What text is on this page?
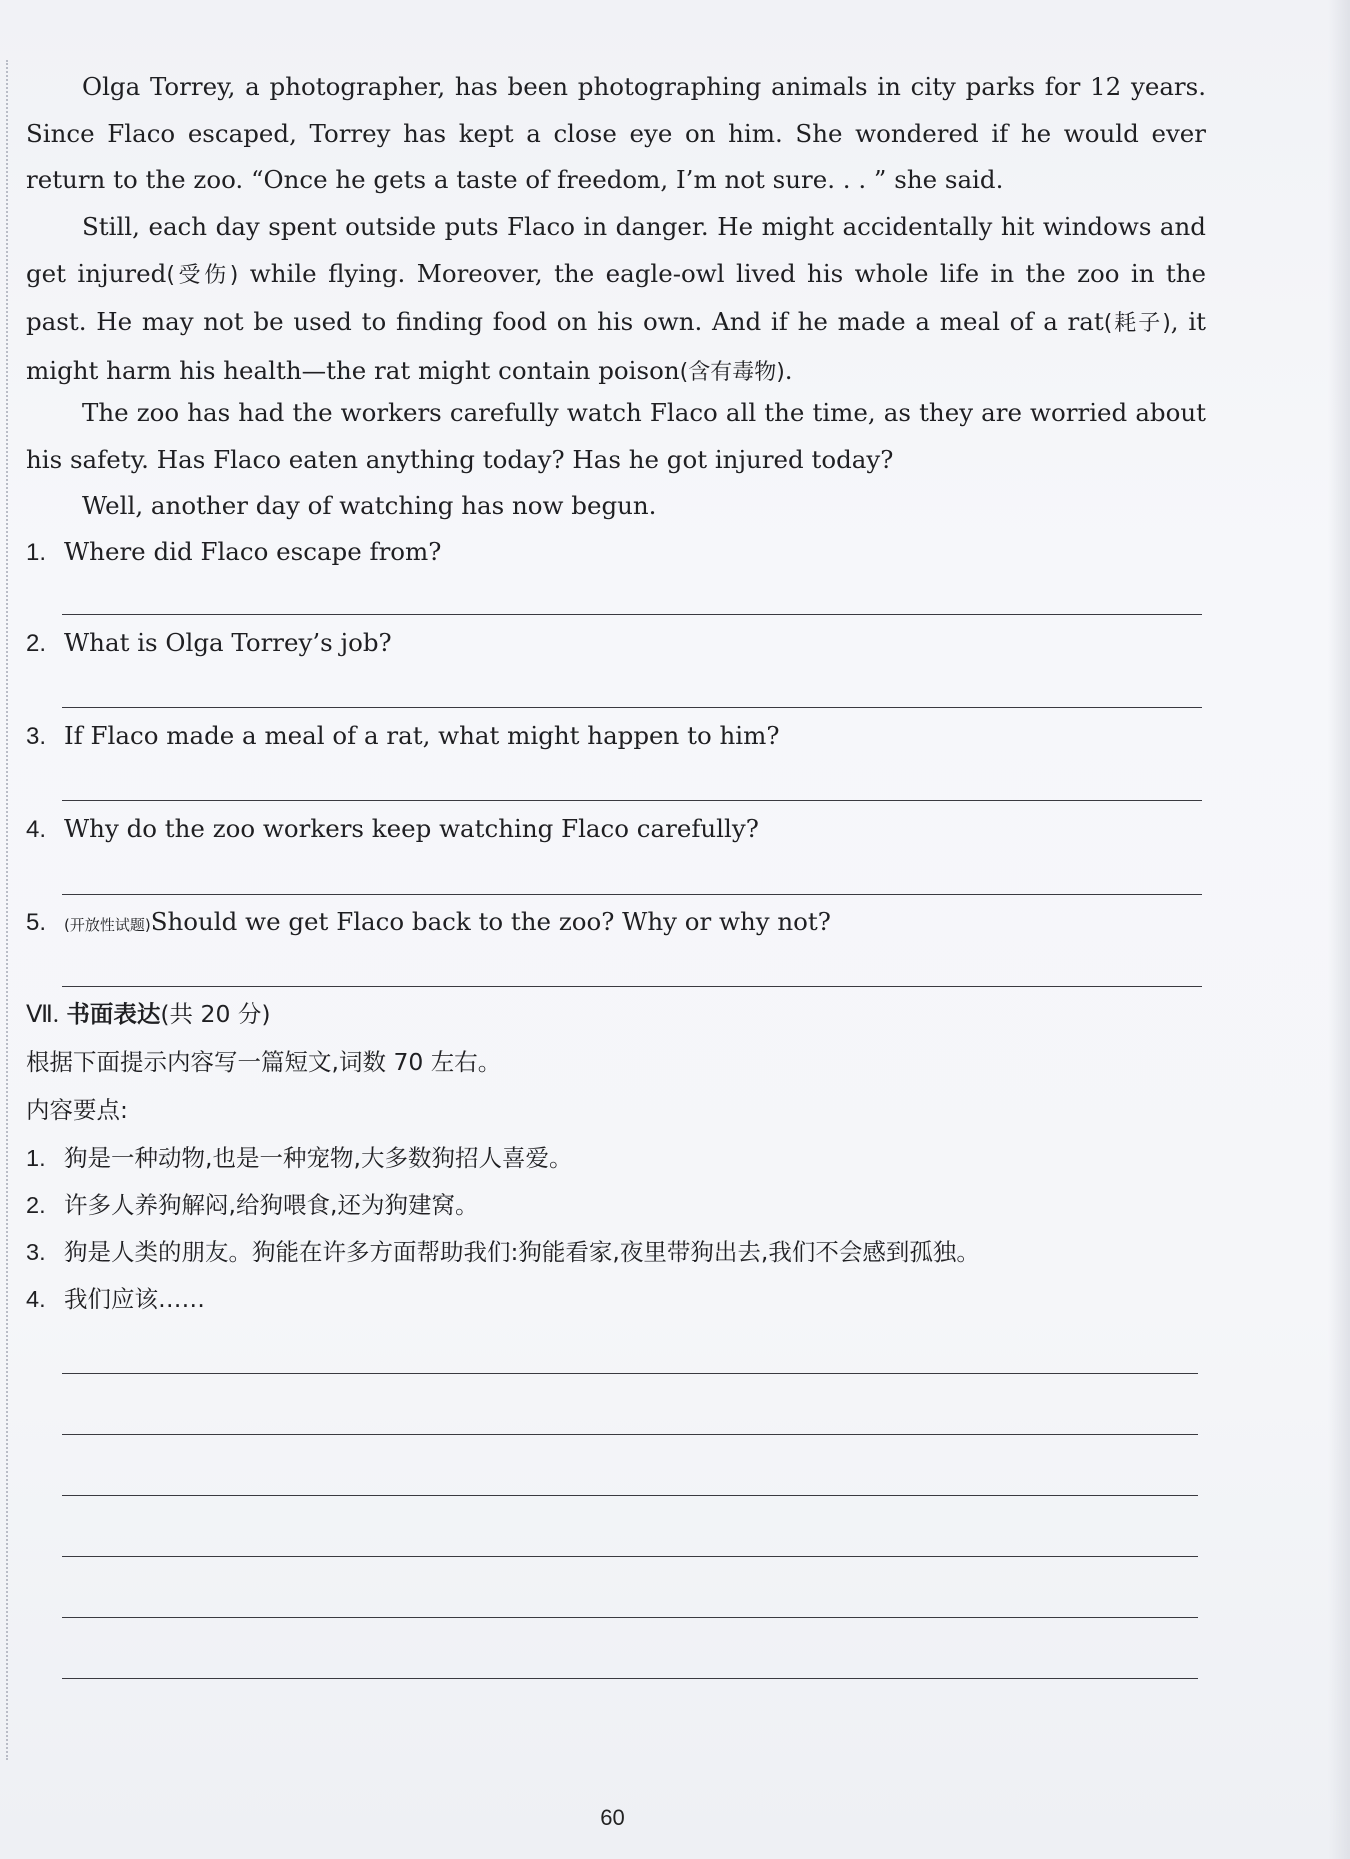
Olga Torrey, a photographer, has been photographing animals in city parks for 12 years. Since Flaco escaped, Torrey has kept a close eye on him. She wondered if he would ever return to the zoo. “Once he gets a taste of freedom, I’m not sure. . . ” she said.

Still, each day spent outside puts Flaco in danger. He might accidentally hit windows and get injured(受伤) while flying. Moreover, the eagle-owl lived his whole life in the zoo in the past. He may not be used to finding food on his own. And if he made a meal of a rat(耗子), it might harm his health—the rat might contain poison(含有毒物).

The zoo has had the workers carefully watch Flaco all the time, as they are worried about his safety. Has Flaco eaten anything today? Has he got injured today?

Well, another day of watching has now begun.

1. Where did Flaco escape from?

2. What is Olga Torrey’s job?

3. If Flaco made a meal of a rat, what might happen to him?

4. Why do the zoo workers keep watching Flaco carefully?

5. (开放性试题)Should we get Flaco back to the zoo? Why or why not?

Ⅶ. 书面表达(共 20 分)

根据下面提示内容写一篇短文,词数 70 左右。

内容要点:

1. 狗是一种动物,也是一种宠物,大多数狗招人喜爱。

2. 许多人养狗解闷,给狗喂食,还为狗建窝。

3. 狗是人类的朋友。狗能在许多方面帮助我们:狗能看家,夜里带狗出去,我们不会感到孤独。

4. 我们应该……

60
